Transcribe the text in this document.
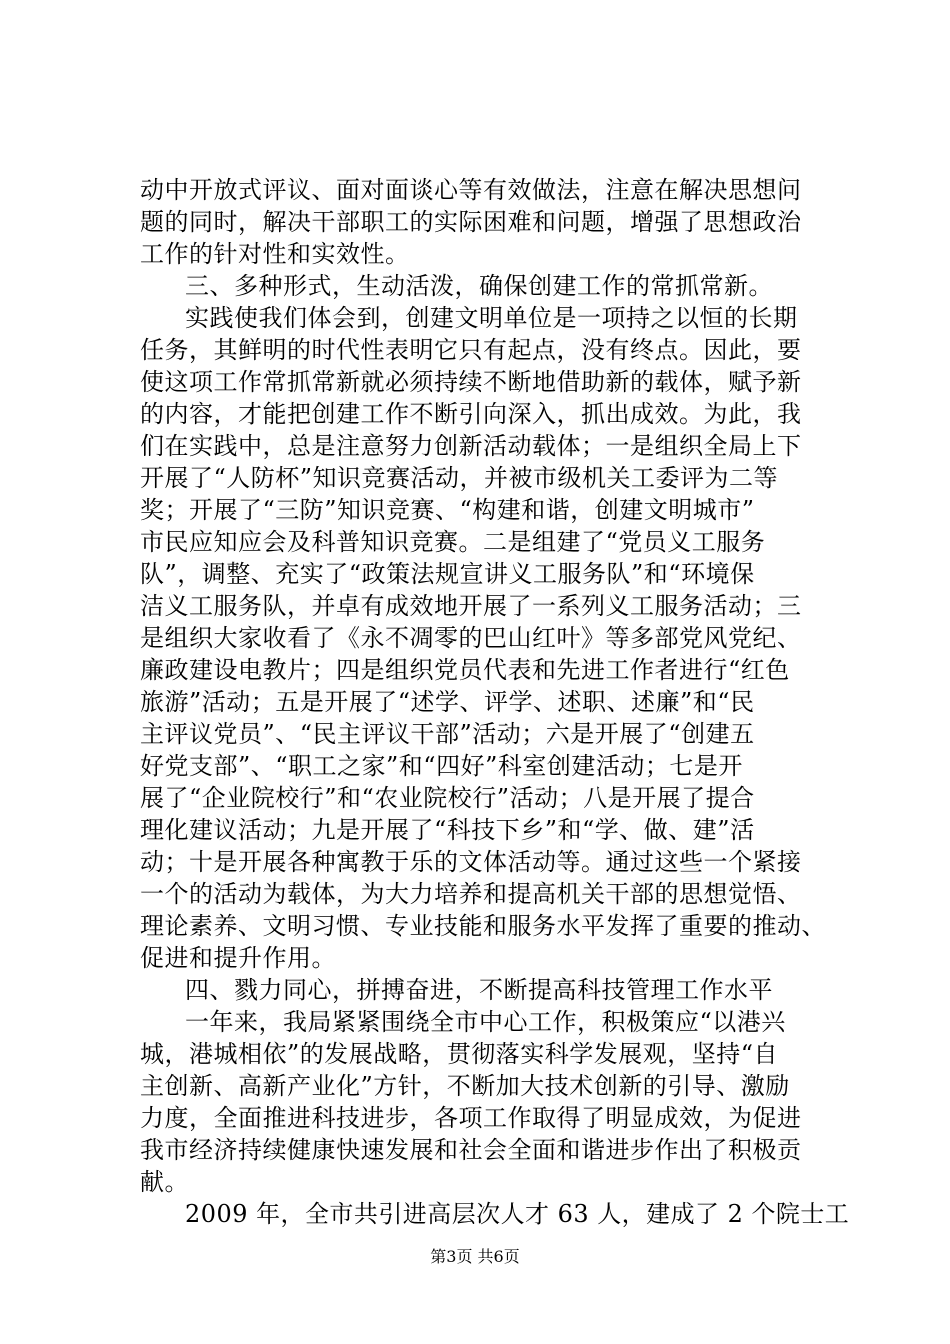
动中开放式评议、面对面谈心等有效做法，注意在解决思想问
题的同时，解决干部职工的实际困难和问题，增强了思想政治
工作的针对性和实效性。
三、多种形式，生动活泼，确保创建工作的常抓常新。
实践使我们体会到，创建文明单位是一项持之以恒的长期
任务，其鲜明的时代性表明它只有起点，没有终点。因此，要
使这项工作常抓常新就必须持续不断地借助新的载体，赋予新
的内容，才能把创建工作不断引向深入，抓出成效。为此，我
们在实践中，总是注意努力创新活动载体；一是组织全局上下
开展了“人防杯”知识竞赛活动，并被市级机关工委评为二等
奖；开展了“三防”知识竞赛、“构建和谐，创建文明城市”
市民应知应会及科普知识竞赛。二是组建了“党员义工服务
队”，调整、充实了“政策法规宣讲义工服务队”和“环境保
洁义工服务队，并卓有成效地开展了一系列义工服务活动；三
是组织大家收看了《永不凋零的巴山红叶》等多部党风党纪、
廉政建设电教片；四是组织党员代表和先进工作者进行“红色
旅游”活动；五是开展了“述学、评学、述职、述廉”和“民
主评议党员”、“民主评议干部”活动；六是开展了“创建五
好党支部”、“职工之家”和“四好”科室创建活动；七是开
展了“企业院校行”和“农业院校行”活动；八是开展了提合
理化建议活动；九是开展了“科技下乡”和“学、做、建”活
动；十是开展各种寓教于乐的文体活动等。通过这些一个紧接
一个的活动为载体，为大力培养和提高机关干部的思想觉悟、
理论素养、文明习惯、专业技能和服务水平发挥了重要的推动、
促进和提升作用。
四、戮力同心，拼搏奋进，不断提高科技管理工作水平
一年来，我局紧紧围绕全市中心工作，积极策应“以港兴
城，港城相依”的发展战略，贯彻落实科学发展观，坚持“自
主创新、高新产业化”方针，不断加大技术创新的引导、激励
力度，全面推进科技进步，各项工作取得了明显成效，为促进
我市经济持续健康快速发展和社会全面和谐进步作出了积极贡
献。
2009 年，全市共引进高层次人才 63 人，建成了 2 个院士工
第3页 共6页
